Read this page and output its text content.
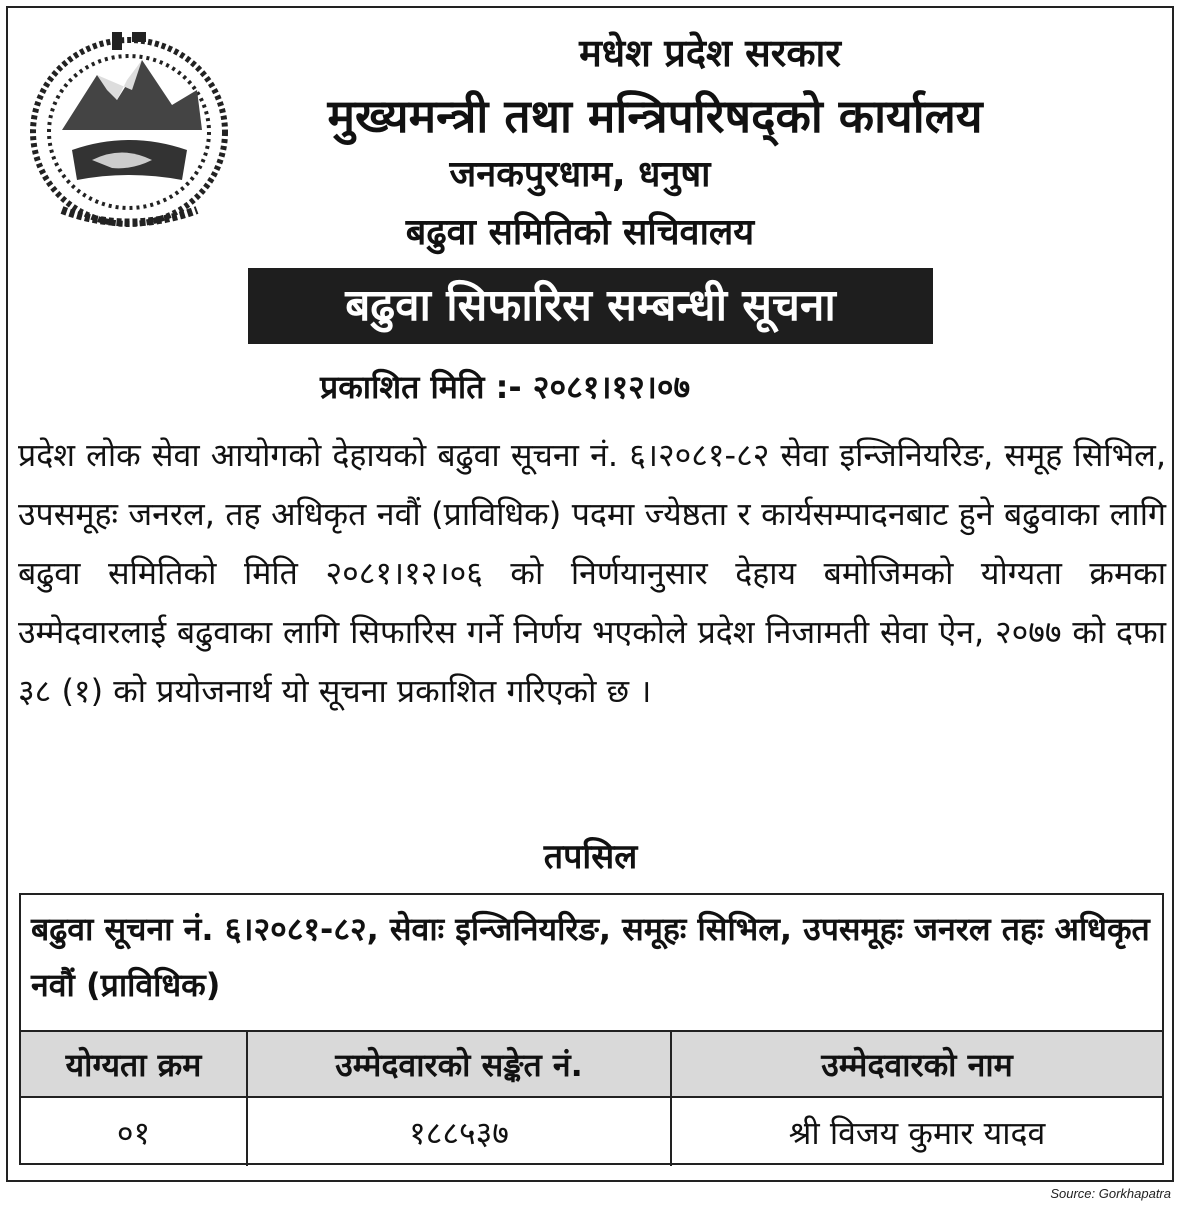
मधेश प्रदेश सरकार
मुख्यमन्त्री तथा मन्त्रिपरिषद्को कार्यालय
जनकपुरधाम, धनुषा
बढुवा समितिको सचिवालय
बढुवा सिफारिस सम्बन्धी सूचना
प्रकाशित मिति :- २०८१।१२।०७
प्रदेश लोक सेवा आयोगको देहायको बढुवा सूचना नं. ६।२०८१-८२ सेवा इन्जिनियरिङ, समूह सिभिल, उपसमूहः जनरल, तह अधिकृत नवौं (प्राविधिक) पदमा ज्येष्ठता र कार्यसम्पादनबाट हुने बढुवाका लागि बढुवा समितिको मिति २०८१।१२।०६ को निर्णयानुसार देहाय बमोजिमको योग्यता क्रमका उम्मेदवारलाई बढुवाका लागि सिफारिस गर्ने निर्णय भएकोले प्रदेश निजामती सेवा ऐन, २०७७ को दफा ३८ (१) को प्रयोजनार्थ यो सूचना प्रकाशित गरिएको छ ।
तपसिल
बढुवा सूचना नं. ६।२०८१-८२, सेवाः इन्जिनियरिङ, समूहः सिभिल, उपसमूहः जनरल तहः अधिकृत नवौं (प्राविधिक)
योग्यता क्रम	उम्मेदवारको सङ्केत नं.	उम्मेदवारको नाम
०१	१८८५३७	श्री विजय कुमार यादव
Source: Gorkhapatra
